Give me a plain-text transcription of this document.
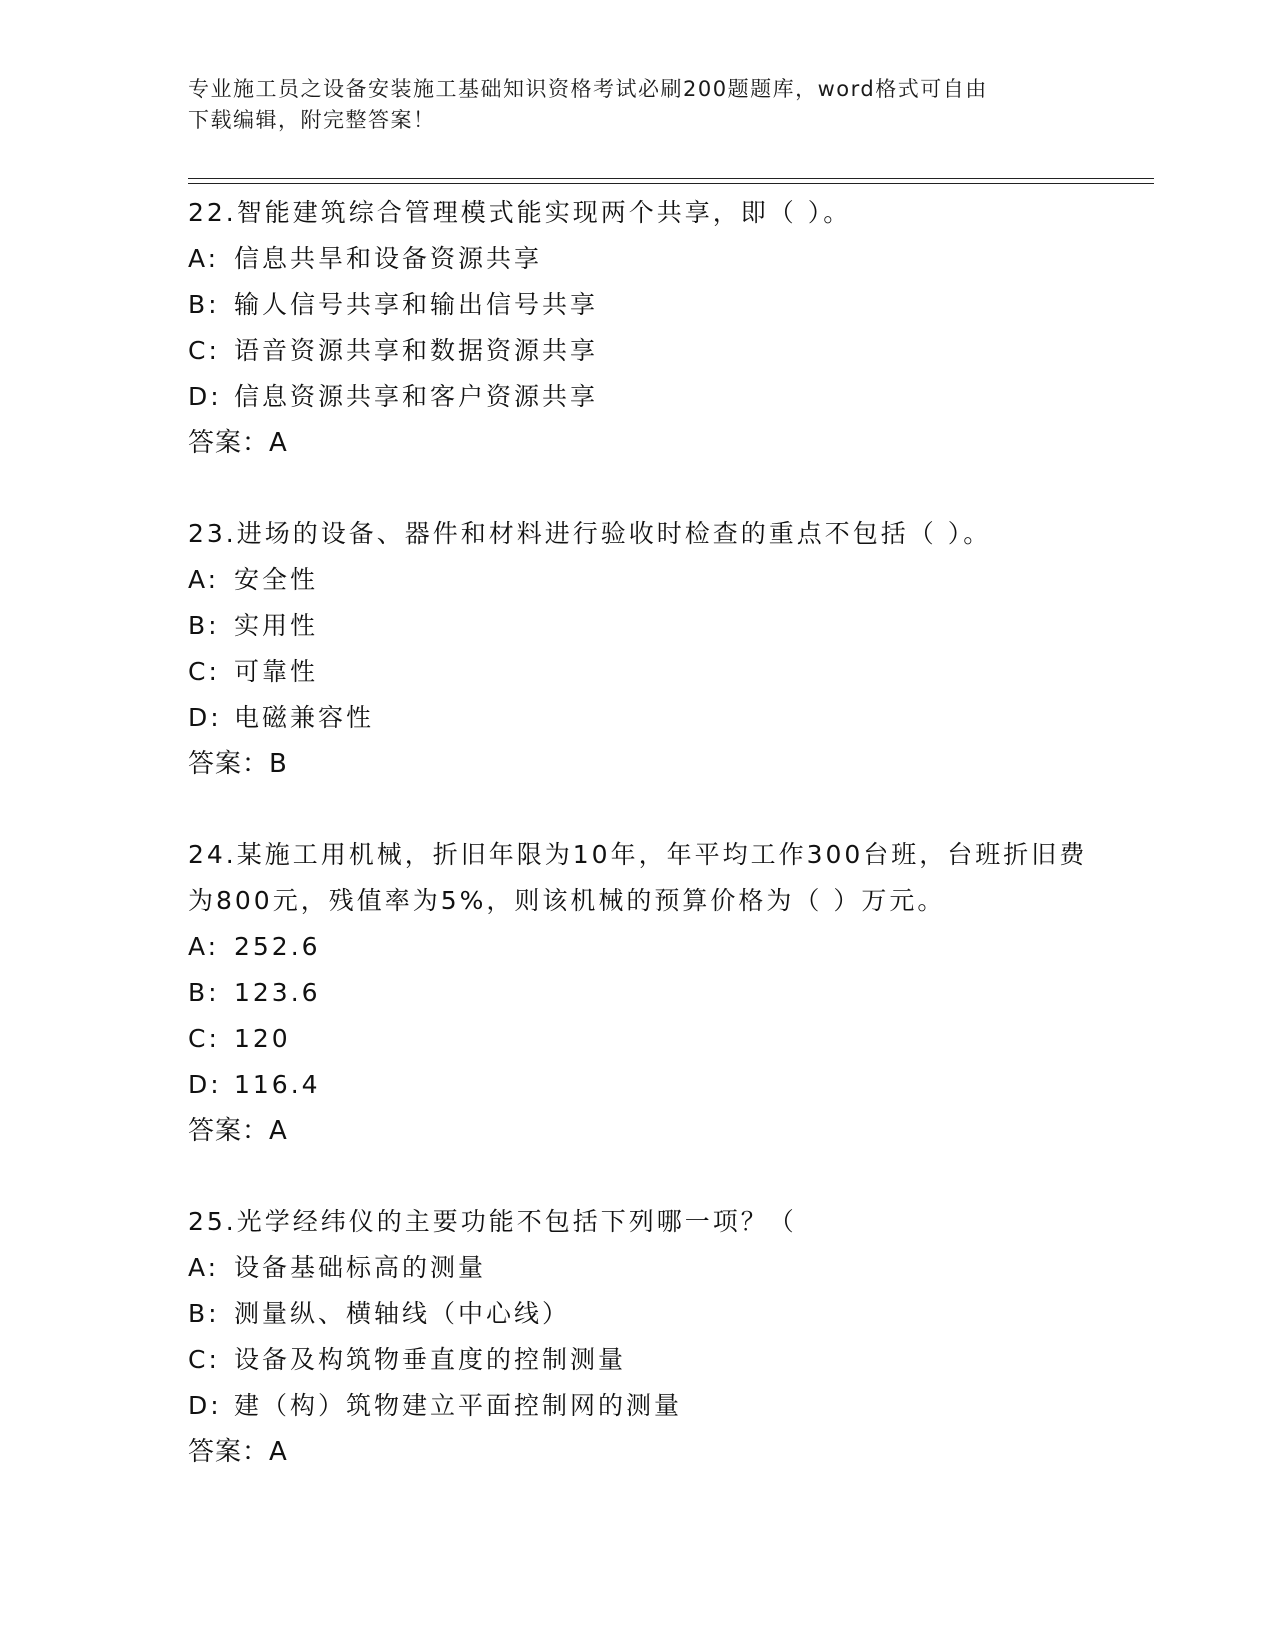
专业施工员之设备安装施工基础知识资格考试必刷200题题库，word格式可自由
下载编辑，附完整答案！
22.智能建筑综合管理模式能实现两个共享，即（ ）。
A: 信息共旱和设备资源共享
B: 输人信号共享和输出信号共享
C: 语音资源共享和数据资源共享
D: 信息资源共享和客户资源共享
答案：A
23.进场的设备、器件和材料进行验收时检查的重点不包括（ ）。
A: 安全性
B: 实用性
C: 可靠性
D: 电磁兼容性
答案：B
24.某施工用机械，折旧年限为10年，年平均工作300台班，台班折旧费为800元，残值率为5%，则该机械的预算价格为（ ）万元。
A: 252.6
B: 123.6
C: 120
D: 116.4
答案：A
25.光学经纬仪的主要功能不包括下列哪一项？（
A: 设备基础标高的测量
B: 测量纵、横轴线（中心线）
C: 设备及构筑物垂直度的控制测量
D: 建（构）筑物建立平面控制网的测量
答案：A
